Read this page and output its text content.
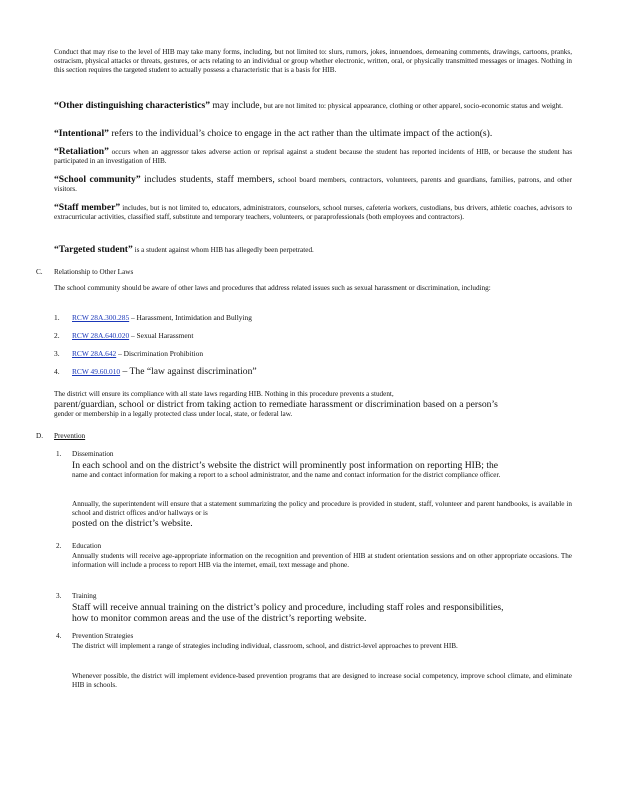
Conduct that may rise to the level of HIB may take many forms, including, but not limited to: slurs, rumors, jokes, innuendoes, demeaning comments, drawings, cartoons, pranks, ostracism, physical attacks or threats, gestures, or acts relating to an individual or group whether electronic, written, oral, or physically transmitted messages or images. Nothing in this section requires the targeted student to actually possess a characteristic that is a basis for HIB.
“Other distinguishing characteristics” may include, but are not limited to: physical appearance, clothing or other apparel, socio-economic status and weight.
“Intentional” refers to the individual’s choice to engage in the act rather than the ultimate impact of the action(s).
“Retaliation” occurs when an aggressor takes adverse action or reprisal against a student because the student has reported incidents of HIB, or because the student has participated in an investigation of HIB.
“School community” includes students, staff members, school board members, contractors, volunteers, parents and guardians, families, patrons, and other visitors.
“Staff member” includes, but is not limited to, educators, administrators, counselors, school nurses, cafeteria workers, custodians, bus drivers, athletic coaches, advisors to extracurricular activities, classified staff, substitute and temporary teachers, volunteers, or paraprofessionals (both employees and contractors).
“Targeted student” is a student against whom HIB has allegedly been perpetrated.
C. Relationship to Other Laws
The school community should be aware of other laws and procedures that address related issues such as sexual harassment or discrimination, including:
1. RCW 28A.300.285 – Harassment, Intimidation and Bullying
2. RCW 28A.640.020 – Sexual Harassment
3. RCW 28A.642 – Discrimination Prohibition
4. RCW 49.60.010 – The “law against discrimination”
The district will ensure its compliance with all state laws regarding HIB. Nothing in this procedure prevents a student,
parent/guardian, school or district from taking action to remediate harassment or discrimination based on a person’s
gender or membership in a legally protected class under local, state, or federal law.
D. Prevention
1. Dissemination
In each school and on the district’s website the district will prominently post information on reporting HIB; the
name and contact information for making a report to a school administrator, and the name and contact information for the district compliance officer.
Annually, the superintendent will ensure that a statement summarizing the policy and procedure is provided in student, staff, volunteer and parent handbooks, is available in school and district offices and/or hallways or is
posted on the district’s website.
2. Education
Annually students will receive age-appropriate information on the recognition and prevention of HIB at student orientation sessions and on other appropriate occasions. The information will include a process to report HIB via the internet, email, text message and phone.
3. Training
Staff will receive annual training on the district’s policy and procedure, including staff roles and responsibilities,
how to monitor common areas and the use of the district’s reporting website.
4. Prevention Strategies
The district will implement a range of strategies including individual, classroom, school, and district-level approaches to prevent HIB.
Whenever possible, the district will implement evidence-based prevention programs that are designed to increase social competency, improve school climate, and eliminate HIB in schools.
